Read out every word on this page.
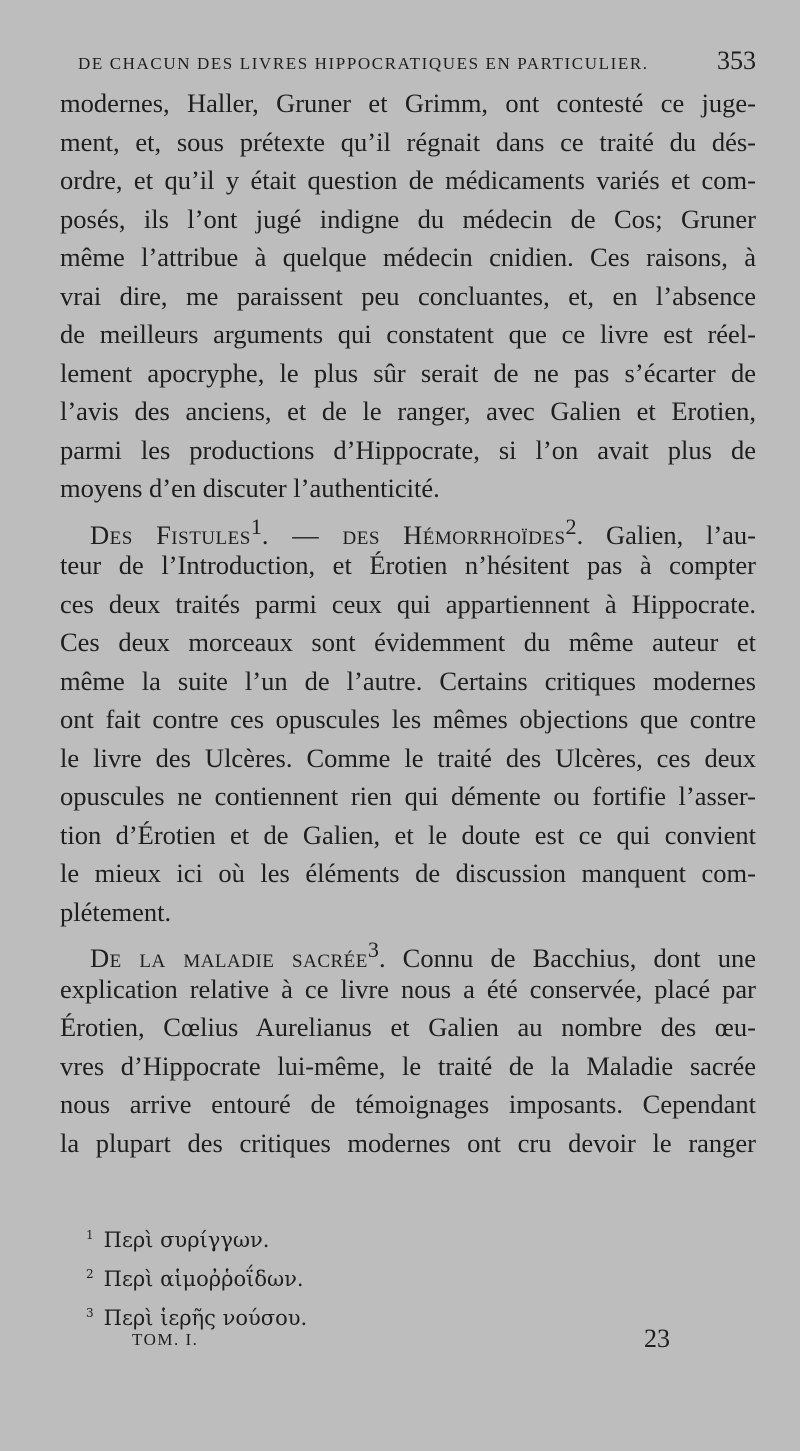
DE CHACUN DES LIVRES HIPPOCRATIQUES EN PARTICULIER.	353
modernes, Haller, Gruner et Grimm, ont contesté ce juge-
ment, et, sous prétexte qu’il régnait dans ce traité du dés-
ordre, et qu’il y était question de médicaments variés et com-
posés, ils l’ont jugé indigne du médecin de Cos; Gruner
même l’attribue à quelque médecin cnidien. Ces raisons, à
vrai dire, me paraissent peu concluantes, et, en l’absence
de meilleurs arguments qui constatent que ce livre est réel-
lement apocryphe, le plus sûr serait de ne pas s’écarter de
l’avis des anciens, et de le ranger, avec Galien et Erotien,
parmi les productions d’Hippocrate, si l’on avait plus de
moyens d’en discuter l’authenticité.
Des Fistules$^1$. — des Hémorrhoïdes$^2$. Galien, l’au-
teur de l’Introduction, et Érotien n’hésitent pas à compter
ces deux traités parmi ceux qui appartiennent à Hippocrate.
Ces deux morceaux sont évidemment du même auteur et
même la suite l’un de l’autre. Certains critiques modernes
ont fait contre ces opuscules les mêmes objections que contre
le livre des Ulcères. Comme le traité des Ulcères, ces deux
opuscules ne contiennent rien qui démente ou fortifie l’asser-
tion d’Érotien et de Galien, et le doute est ce qui convient
le mieux ici où les éléments de discussion manquent com-
plétement.
De la maladie sacrée$^3$. Connu de Bacchius, dont une
explication relative à ce livre nous a été conservée, placé par
Érotien, Cœlius Aurelianus et Galien au nombre des œu-
vres d’Hippocrate lui-même, le traité de la Maladie sacrée
nous arrive entouré de témoignages imposants. Cependant
la plupart des critiques modernes ont cru devoir le ranger
$^1$ Περὶ συρίγγων.
$^2$ Περὶ αἱμοῤῥοΐδων.
$^3$ Περὶ ἱερῆς νούσου.
TOM. I.	23
